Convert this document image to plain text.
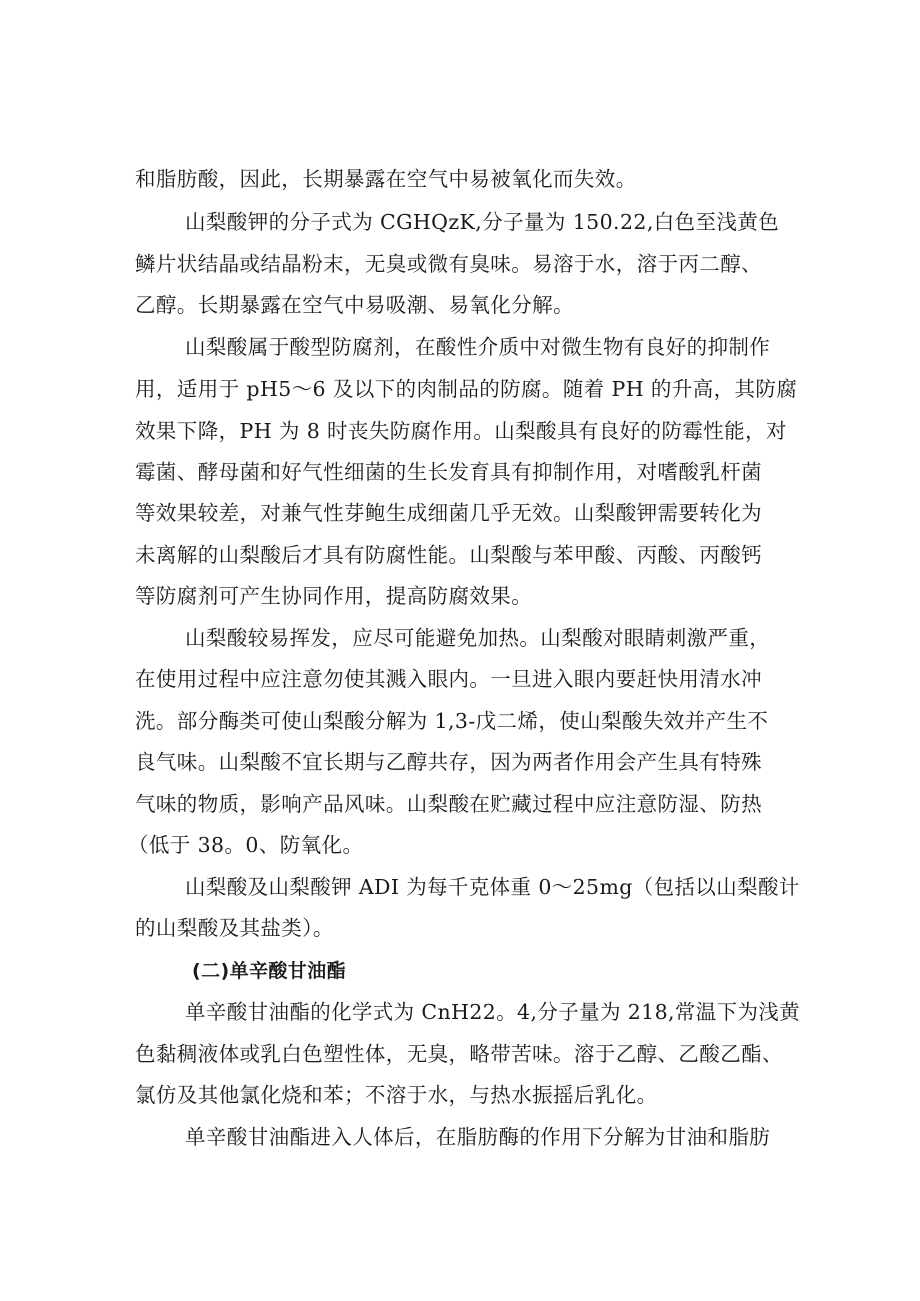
和脂肪酸，因此，长期暴露在空气中易被氧化而失效。
山梨酸钾的分子式为 CGHQzK,分子量为 150.22,白色至浅黄色
鳞片状结晶或结晶粉末，无臭或微有臭味。易溶于水，溶于丙二醇、
乙醇。长期暴露在空气中易吸潮、易氧化分解。
山梨酸属于酸型防腐剂，在酸性介质中对微生物有良好的抑制作
用，适用于 pH5～6 及以下的肉制品的防腐。随着 PH 的升高，其防腐
效果下降，PH 为 8 时丧失防腐作用。山梨酸具有良好的防霉性能，对
霉菌、酵母菌和好气性细菌的生长发育具有抑制作用，对嗜酸乳杆菌
等效果较差，对兼气性芽鲍生成细菌几乎无效。山梨酸钾需要转化为
未离解的山梨酸后才具有防腐性能。山梨酸与苯甲酸、丙酸、丙酸钙
等防腐剂可产生协同作用，提高防腐效果。
山梨酸较易挥发，应尽可能避免加热。山梨酸对眼睛刺激严重，
在使用过程中应注意勿使其溅入眼内。一旦进入眼内要赶快用清水冲
洗。部分酶类可使山梨酸分解为 1,3-戊二烯，使山梨酸失效并产生不
良气味。山梨酸不宜长期与乙醇共存，因为两者作用会产生具有特殊
气味的物质，影响产品风味。山梨酸在贮藏过程中应注意防湿、防热
（低于 38。0、防氧化。
山梨酸及山梨酸钾 ADI 为每千克体重 0～25mg（包括以山梨酸计
的山梨酸及其盐类）。
(二)单辛酸甘油酯
单辛酸甘油酯的化学式为 CnH22。4,分子量为 218,常温下为浅黄
色黏稠液体或乳白色塑性体，无臭，略带苦味。溶于乙醇、乙酸乙酯、
氯仿及其他氯化烧和苯；不溶于水，与热水振摇后乳化。
单辛酸甘油酯进入人体后，在脂肪酶的作用下分解为甘油和脂肪
